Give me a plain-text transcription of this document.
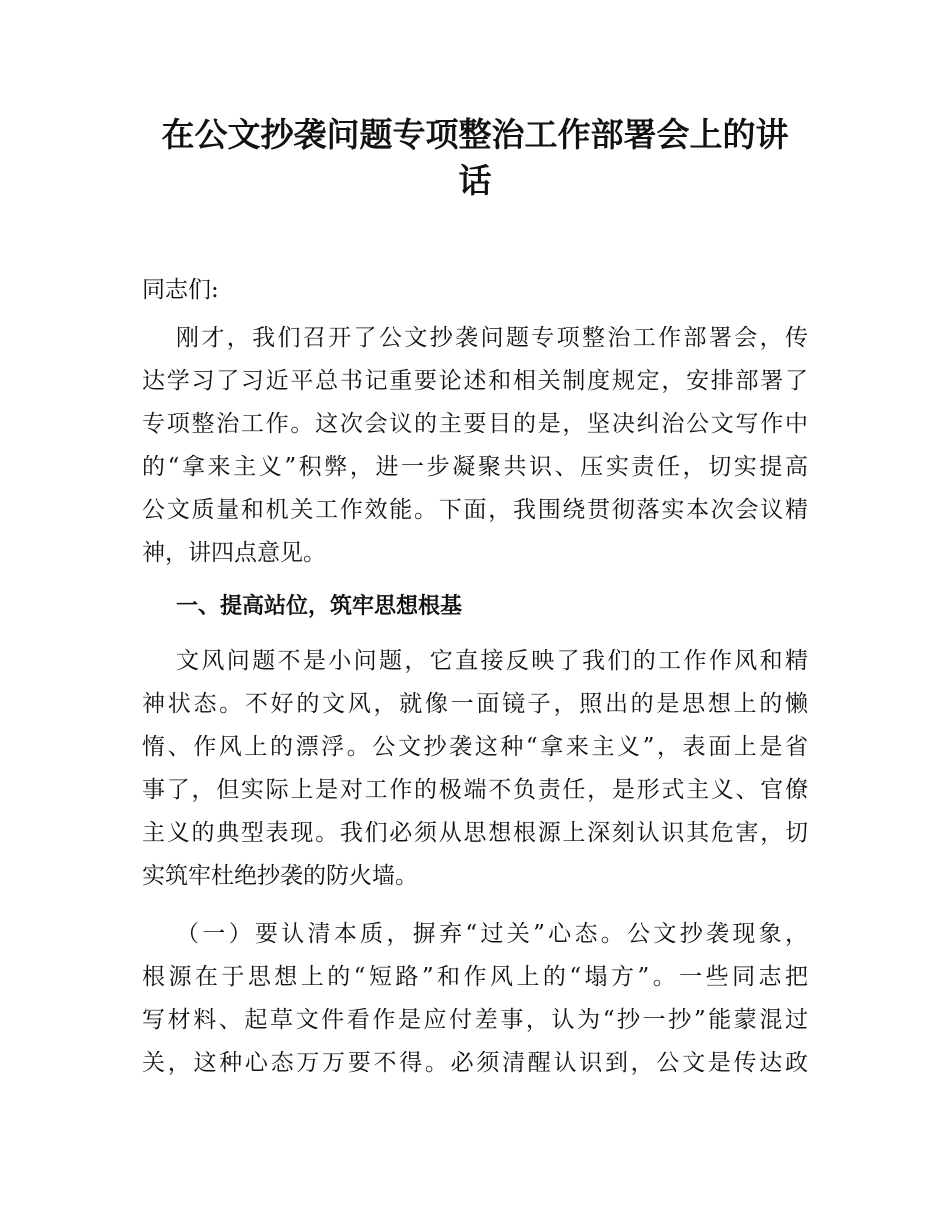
在公文抄袭问题专项整治工作部署会上的讲
话
同志们:
刚才，我们召开了公文抄袭问题专项整治工作部署会，传
达学习了习近平总书记重要论述和相关制度规定，安排部署了
专项整治工作。这次会议的主要目的是，坚决纠治公文写作中
的“拿来主义”积弊，进一步凝聚共识、压实责任，切实提高
公文质量和机关工作效能。下面，我围绕贯彻落实本次会议精
神，讲四点意见。
一、提高站位，筑牢思想根基
文风问题不是小问题，它直接反映了我们的工作作风和精
神状态。不好的文风，就像一面镜子，照出的是思想上的懒
惰、作风上的漂浮。公文抄袭这种“拿来主义”，表面上是省
事了，但实际上是对工作的极端不负责任，是形式主义、官僚
主义的典型表现。我们必须从思想根源上深刻认识其危害，切
实筑牢杜绝抄袭的防火墙。
（一）要认清本质，摒弃“过关”心态。公文抄袭现象，
根源在于思想上的“短路”和作风上的“塌方”。一些同志把
写材料、起草文件看作是应付差事，认为“抄一抄”能蒙混过
关，这种心态万万要不得。必须清醒认识到，公文是传达政
